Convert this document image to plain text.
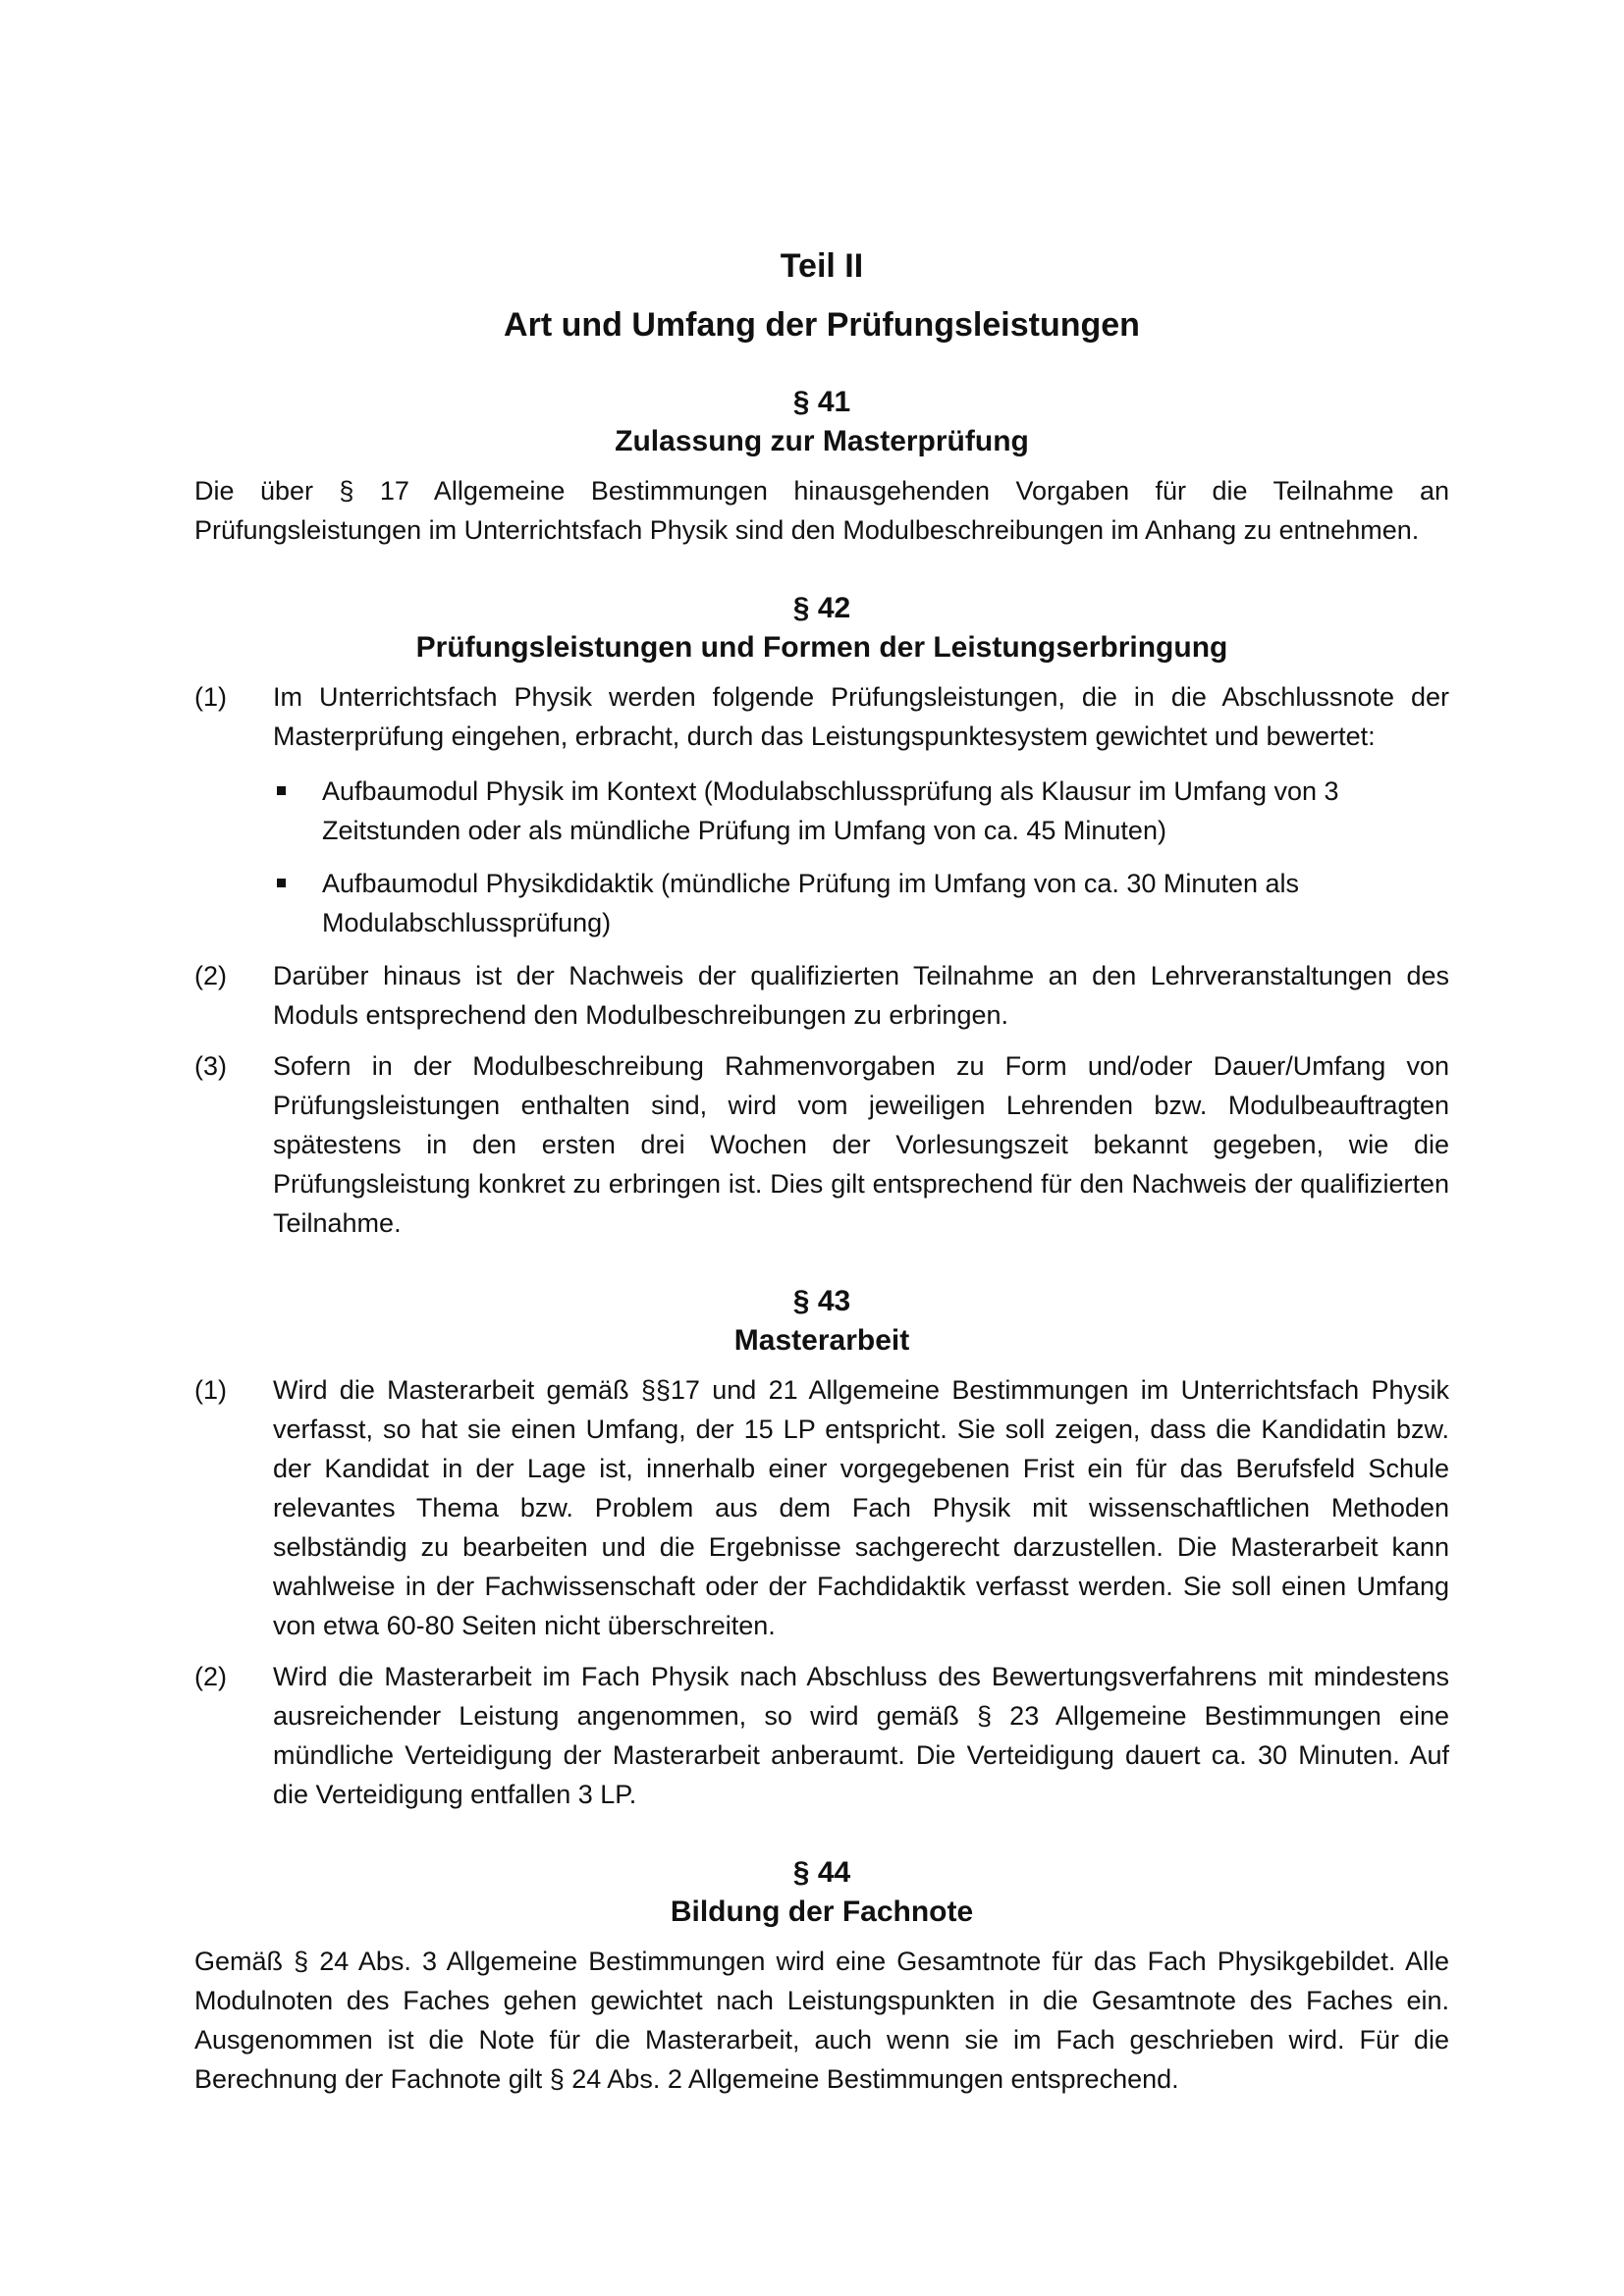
Teil II
Art und Umfang der Prüfungsleistungen
§ 41
Zulassung zur Masterprüfung

Die über § 17 Allgemeine Bestimmungen hinausgehenden Vorgaben für die Teilnahme an Prüfungsleistungen im Unterrichtsfach Physik sind den Modulbeschreibungen im Anhang zu entnehmen.

§ 42
Prüfungsleistungen und Formen der Leistungserbringung
(1)	Im Unterrichtsfach Physik werden folgende Prüfungsleistungen, die in die Abschlussnote der Masterprüfung eingehen, erbracht, durch das Leistungspunktesystem gewichtet und bewertet:
Aufbaumodul Physik im Kontext (Modulabschlussprüfung als Klausur im Umfang von 3 Zeitstunden oder als mündliche Prüfung im Umfang von ca. 45 Minuten)
Aufbaumodul Physikdidaktik (mündliche Prüfung im Umfang von ca. 30 Minuten als Modulabschlussprüfung)
(2)	Darüber hinaus ist der Nachweis der qualifizierten Teilnahme an den Lehrveranstaltungen des Moduls entsprechend den Modulbeschreibungen zu erbringen.
(3)	Sofern in der Modulbeschreibung Rahmenvorgaben zu Form und/oder Dauer/Umfang von Prüfungsleistungen enthalten sind, wird vom jeweiligen Lehrenden bzw. Modulbeauftragten spätestens in den ersten drei Wochen der Vorlesungszeit bekannt gegeben, wie die Prüfungsleistung konkret zu erbringen ist. Dies gilt entsprechend für den Nachweis der qualifizierten Teilnahme.
§ 43
Masterarbeit
(1)	Wird die Masterarbeit gemäß §§17 und 21 Allgemeine Bestimmungen im Unterrichtsfach Physik verfasst, so hat sie einen Umfang, der 15 LP entspricht. Sie soll zeigen, dass die Kandidatin bzw. der Kandidat in der Lage ist, innerhalb einer vorgegebenen Frist ein für das Berufsfeld Schule relevantes Thema bzw. Problem aus dem Fach Physik mit wissenschaftlichen Methoden selbständig zu bearbeiten und die Ergebnisse sachgerecht darzustellen. Die Masterarbeit kann wahlweise in der Fachwissenschaft oder der Fachdidaktik verfasst werden. Sie soll einen Umfang von etwa 60-80 Seiten nicht überschreiten.
(2)	Wird die Masterarbeit im Fach Physik nach Abschluss des Bewertungsverfahrens mit mindestens ausreichender Leistung angenommen, so wird gemäß § 23 Allgemeine Bestimmungen eine mündliche Verteidigung der Masterarbeit anberaumt. Die Verteidigung dauert ca. 30 Minuten. Auf die Verteidigung entfallen 3 LP.
§ 44
Bildung der Fachnote

Gemäß § 24 Abs. 3 Allgemeine Bestimmungen wird eine Gesamtnote für das Fach Physikgebildet. Alle Modulnoten des Faches gehen gewichtet nach Leistungspunkten in die Gesamtnote des Faches ein. Ausgenommen ist die Note für die Masterarbeit, auch wenn sie im Fach geschrieben wird. Für die Berechnung der Fachnote gilt § 24 Abs. 2 Allgemeine Bestimmungen entsprechend.
